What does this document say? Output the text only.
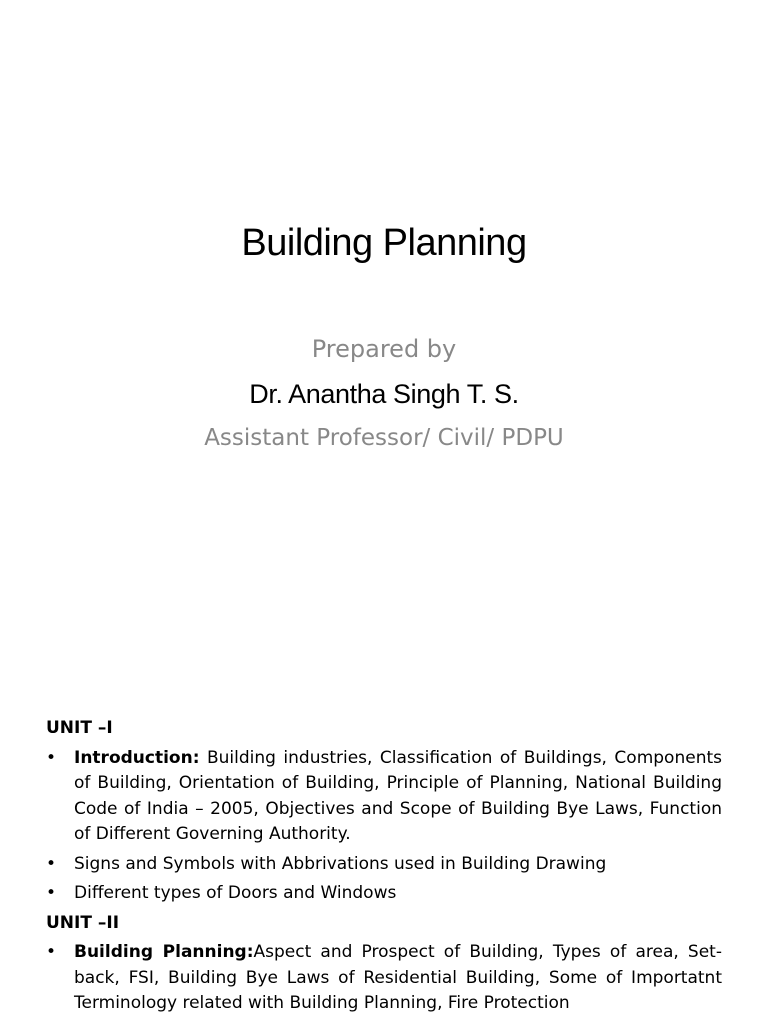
Building Planning
Prepared by
Dr. Anantha Singh T. S.
Assistant Professor/ Civil/ PDPU
UNIT –I
• Introduction: Building industries, Classification of Buildings, Components of Building, Orientation of Building, Principle of Planning, National Building Code of India – 2005, Objectives and Scope of Building Bye Laws, Function of Different Governing Authority.
• Signs and Symbols with Abbrivations used in Building Drawing
• Different types of Doors and Windows
UNIT –II
• Building Planning:Aspect and Prospect of Building, Types of area, Set-back, FSI, Building Bye Laws of Residential Building, Some of Importatnt Terminology related with Building Planning, Fire Protection
